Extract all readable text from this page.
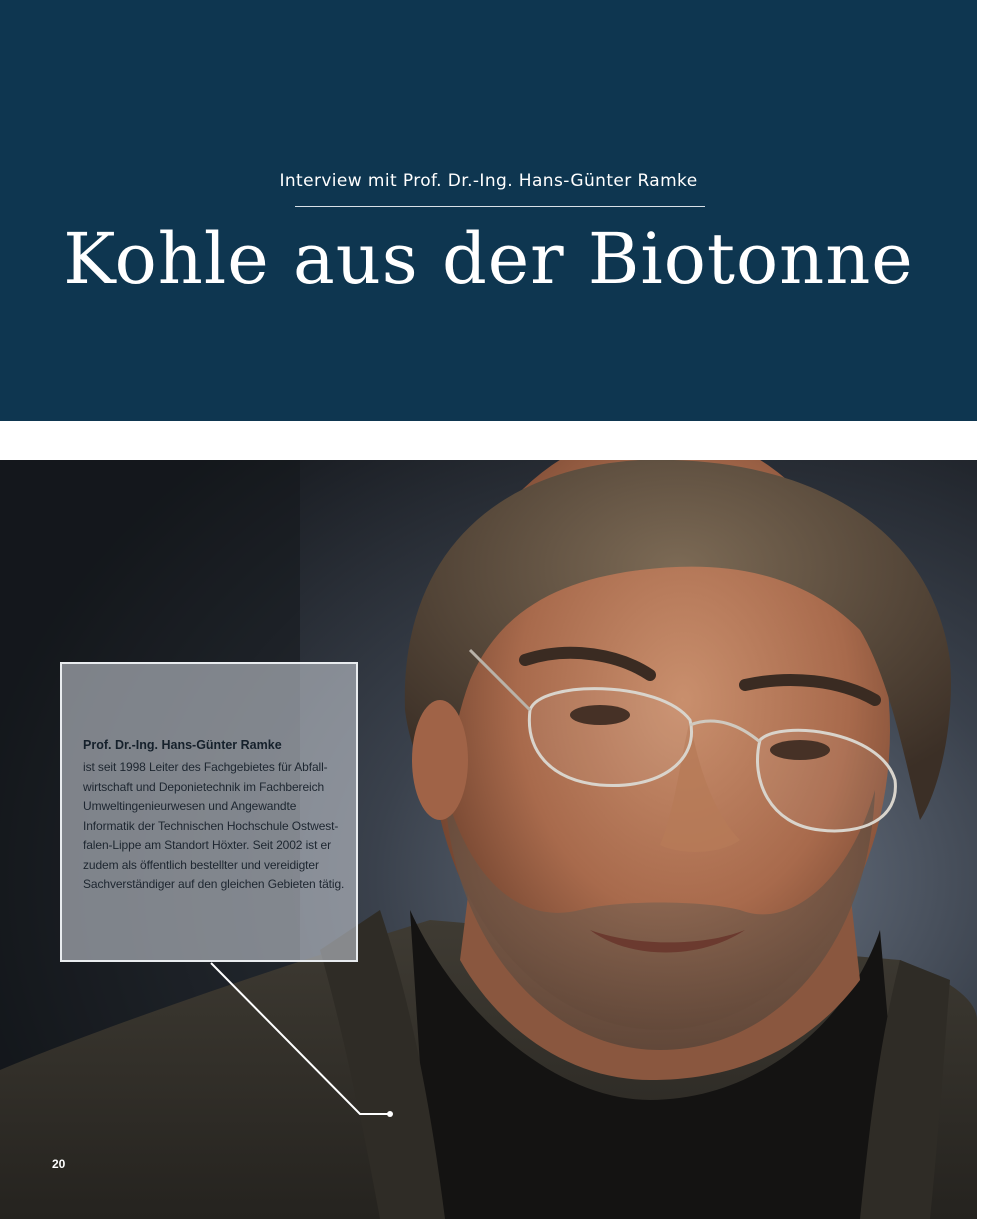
Interview mit Prof. Dr.-Ing. Hans-Günter Ramke
Kohle aus der Biotonne
Prof. Dr.-Ing. Hans-Günter Ramke
ist seit 1998 Leiter des Fachgebietes für Abfall-
wirtschaft und Deponietechnik im Fachbereich
Umweltingenieurwesen und Angewandte
Informatik der Technischen Hochschule Ostwest-
falen-Lippe am Standort Höxter. Seit 2002 ist er
zudem als öffentlich bestellter und vereidigter
Sachverständiger auf den gleichen Gebieten tätig.
20
